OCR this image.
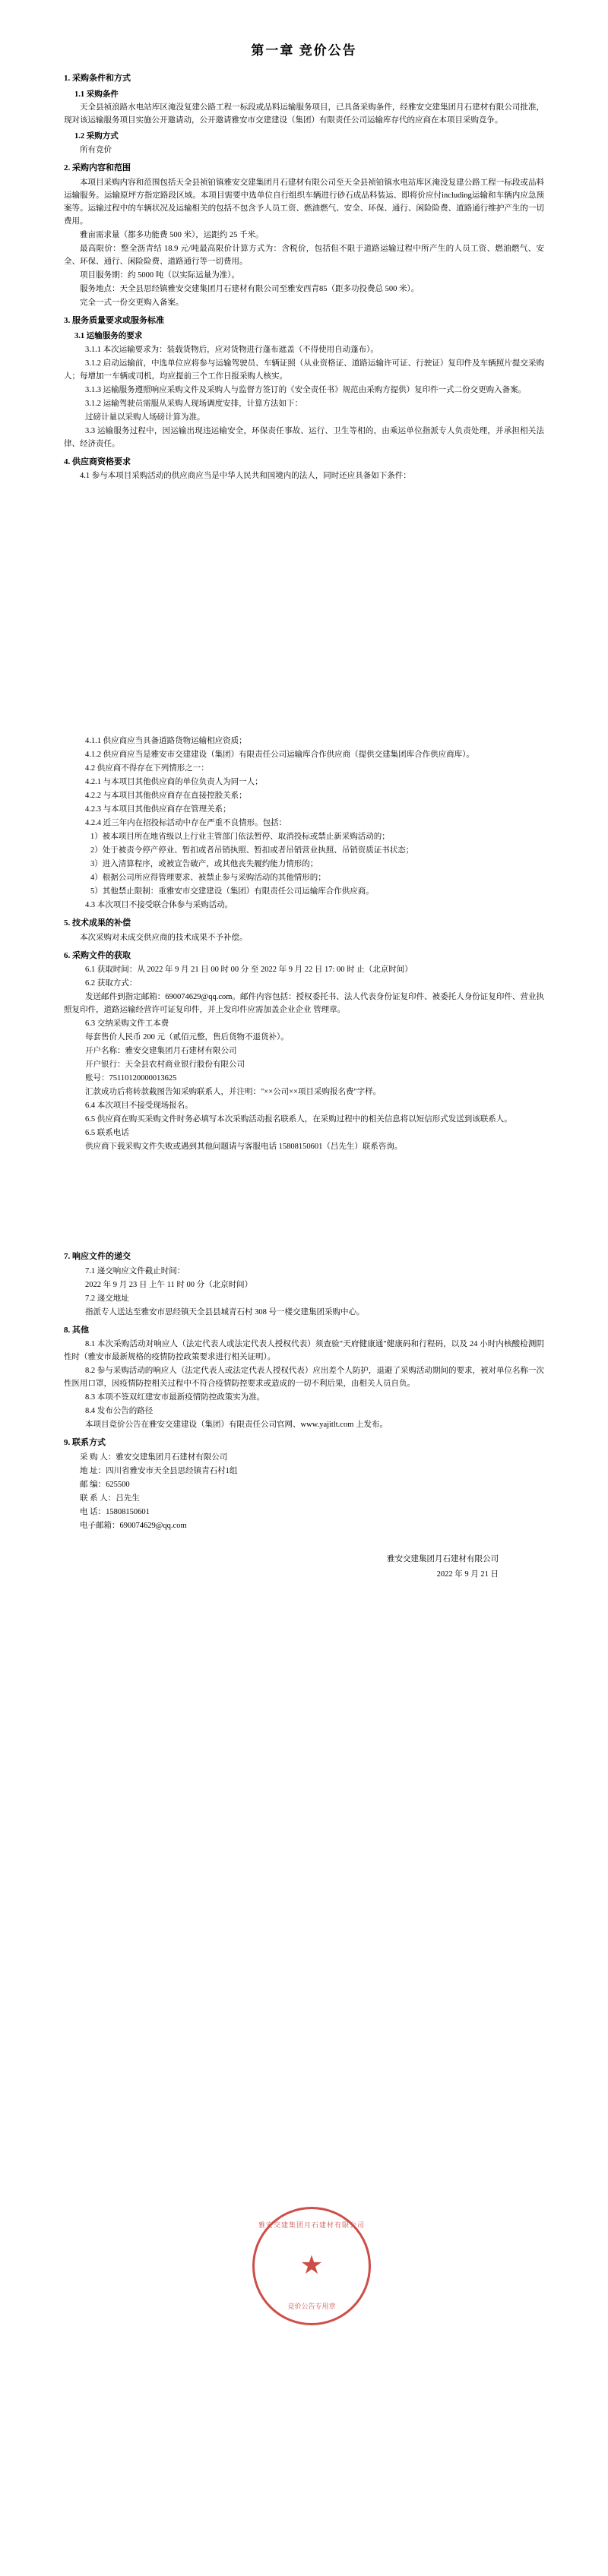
第一章 竞价公告
1. 采购条件和方式
1.1 采购条件
天全县祯浪路水电站库区淹没复建公路工程一标段或品料运输服务项目，已具备采购条件，经雅安交建集团月石建材有限公司批准，现对该运输服务项目实施公开邀请动，公开邀请雅安市交建建设（集团）有限责任公司运输库存代的应商在本项目采购竞争。
1.2 采购方式
所有竞价
2. 采购内容和范围
本项目采购内容和范围包括天全县祯铂镇雅安交建集团月石建材有限公司至天全县祯铂镇水电站库区淹没复建公路工程一标段或品料运输服务。运输原坪方指定路段区域。本项目需要中选单位自行组织车辆进行砂石成品料装运、即将价应付including运输和车辆内应急预案等。运输过程中的车辆状况及运输相关的包括不包含予人员工资、燃油燃气、安全、环保、通行、闲险险费、道路通行维护产生的一切费用。
雅亩需求量（都多功能费 500 米），运距约 25 千米。
最高限价：整全沥青结 18.9 元/吨最高限价计算方式为：含税价，包括但不限于道路运输过程中所产生的人员工资、燃油燃气、安全、环保、通行、闲险险费、道路通行等一切费用。
项目服务期：约 5000 吨（以实际运量为准）。
服务地点：天全县思经镇雅安交建集团月石建材有限公司至雅安西青85（距多功投费总 500 米）。
完全一式一份交更购入备案。
3. 服务质量要求或服务标准
3.1 运输服务的要求
3.1.1 本次运输要求为：装载货物后，应对货物进行蓬布遮盖（不得使用自动蓬布）。
3.1.2 启动运输前，中选单位应将参与运输驾驶员、车辆证照（从业资格证、道路运输许可证、行驶证）复印件及车辆照片提交采购人；每增加一车辆或司机，均应提前三个工作日报采购人核实。
3.1.3 运输服务遵照响应采购文件及采购人与监督方签订的《安全责任书》规范由采购方提供）复印件一式二份交更购入备案。
3.1.2 运输驾驶员需服从采购人现场调度安排，计算方法如下：
过磅计量以采购人场磅计算为准。
3.3 运输服务过程中，因运输出现违运输安全，环保责任事故、运行、卫生等相的，由乘运单位指派专人负责处理，并承担相关法律、经济责任。
4. 供应商资格要求
4.1 参与本项目采购活动的供应商应当是中华人民共和国境内的法人，同时还应具备如下条件：
4.1.1 供应商应当具备道路货物运输相应资质；
4.1.2 供应商应当是雅安市交建建设（集团）有限责任公司运输库合作供应商（提供交建集团库合作供应商库）。
4.2 供应商不得存在下列情形之一：
4.2.1 与本项目其他供应商的单位负责人为同一人；
4.2.2 与本项目其他供应商存在直接控股关系；
4.2.3 与本项目其他供应商存在管理关系；
4.2.4 近三年内在招投标活动中存在严重不良情形。包括：
1）被本项目所在地省级以上行业主管部门依法暂停、取消投标或禁止新采购活动的；
2）处于被责令停产停业、暂扣或者吊销执照、暂扣或者吊销营业执照、吊销资质证书状态；
3）进入清算程序，或被宣告破产，或其他丧失履约能力情形的；
4）根据公司所应得管理要求、被禁止参与采购活动的其他情形的；
5）其他禁止限制：重雅安市交建建设（集团）有限责任公司运输库合作供应商。
4.3 本次项目不接受联合体参与采购活动。
5. 技术成果的补偿
本次采购对未成交供应商的技术成果不予补偿。
6. 采购文件的获取
6.1 获取时间：从 2022 年 9 月 21 日 00 时 00 分 至 2022 年 9 月 22 日 17: 00 时 止（北京时间）
6.2 获取方式：
发送邮件到指定邮箱：690074629@qq.com。邮件内容包括：授权委托书、法人代表身份证复印件、被委托人身份证复印件、营业执照复印件，道路运输经营许可证复印件，并上发印件应需加盖企业企业 管理章。
6.3 交纳采购文件工本费
每套售价人民币 200 元（贰佰元整，售后货物不退货补）。
开户名称：雅安交建集团月石建材有限公司
开户银行：天全县农村商业银行股份有限公司
账号：75110120000013625
汇款成功后将转款截图告知采购联系人，并注明："××公司××项目采购报名费"字样。
6.4 本次项目不接受现场报名。
6.5 供应商在购买采购文件时务必填写本次采购活动报名联系人，在采购过程中的相关信息将以短信形式发送到该联系人。
6.5 联系电话
供应商下载采购文件失败或遇到其他问题请与客服电话 15808150601（吕先生）联系咨询。
7. 响应文件的递交
7.1 递交响应文件截止时间：
2022 年 9 月 23 日 上午 11 时 00 分（北京时间）
7.2 递交地址
指派专人送达至雅安市思经镇天全县县城青石村 308 号一楼交建集团采购中心。
8. 其他
8.1 本次采购活动对响应人（法定代表人或法定代表人授权代表）须查验"天府健康通"健康码和行程码，以及 24 小时内核酸检测阴性时（雅安市最新规格的疫情防控政策要求进行相关证明）。
8.2 参与采购活动的响应人（法定代表人或法定代表人授权代表）应出差个人防护，退避了采购活动期间的要求，被对单位名称一次性医用口罩，因疫情防控相关过程中不符合疫情防控要求或造成的一切不利后果，由相关人员自负。
8.3 本项不签双红建安市最新疫情防控政策实为准。
8.4 发布公告的路径
本项目竞价公告在雅安交建建设（集团）有限责任公司官网、www.yajitlt.com 上发布。
9. 联系方式
采 购 人：雅安交建集团月石建材有限公司
地 址：四川省雅安市天全县思经镇青石村1组
邮 编：625500
联 系 人：吕先生
电 话：15808150601
电子邮箱：690074629@qq.com
雅安交建集团月石建材有限公司
2022 年 9 月 21 日
雅安交建集团月石建材有限公司
★
竞价公告专用章
